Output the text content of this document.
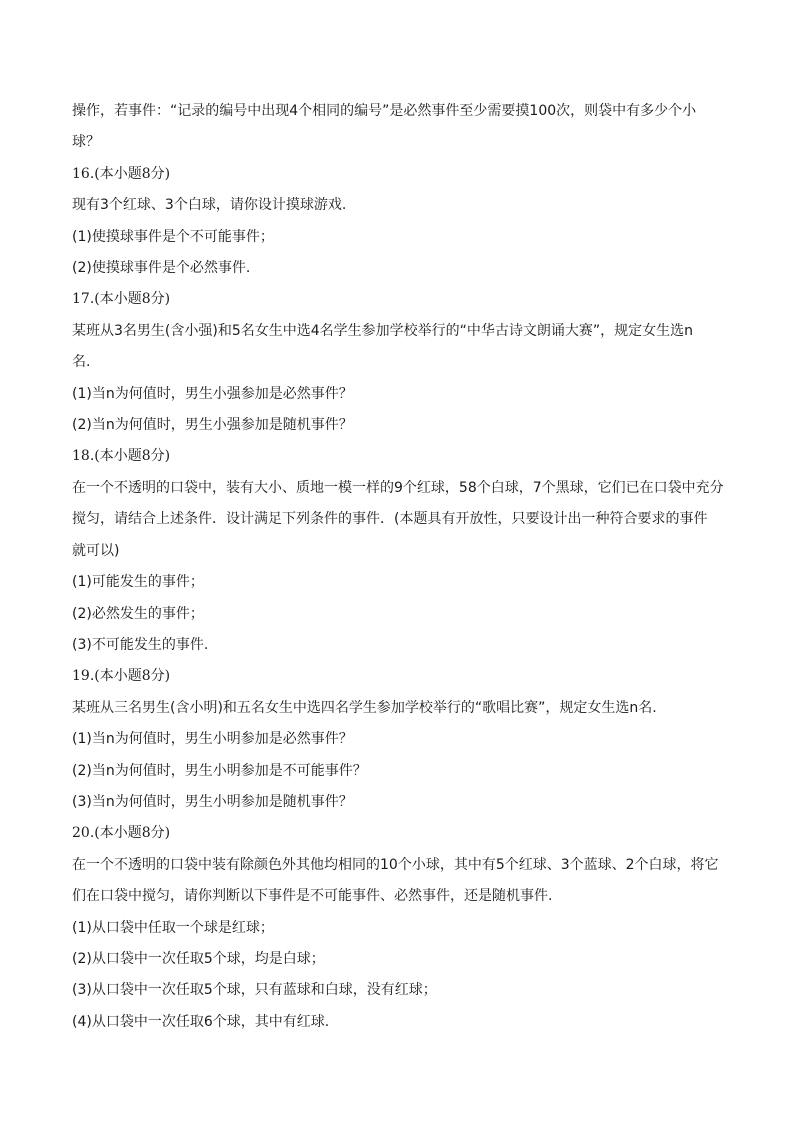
操作，若事件：“记录的编号中出现4个相同的编号”是必然事件至少需要摸100次，则袋中有多少个小

球？

16.(本小题8分)

现有3个红球、3个白球，请你设计摸球游戏.

(1)使摸球事件是个不可能事件；

(2)使摸球事件是个必然事件.

17.(本小题8分)

某班从3名男生(含小强)和5名女生中选4名学生参加学校举行的“中华古诗文朗诵大赛”，规定女生选n

名.

(1)当n为何值时，男生小强参加是必然事件？

(2)当n为何值时，男生小强参加是随机事件？

18.(本小题8分)

在一个不透明的口袋中，装有大小、质地一模一样的9个红球，58个白球，7个黑球，它们已在口袋中充分

搅匀，请结合上述条件．设计满足下列条件的事件．(本题具有开放性，只要设计出一种符合要求的事件

就可以)

(1)可能发生的事件；

(2)必然发生的事件；

(3)不可能发生的事件.

19.(本小题8分)

某班从三名男生(含小明)和五名女生中选四名学生参加学校举行的“歌唱比赛”，规定女生选n名.

(1)当n为何值时，男生小明参加是必然事件？

(2)当n为何值时，男生小明参加是不可能事件？

(3)当n为何值时，男生小明参加是随机事件？

20.(本小题8分)

在一个不透明的口袋中装有除颜色外其他均相同的10个小球，其中有5个红球、3个蓝球、2个白球，将它

们在口袋中搅匀，请你判断以下事件是不可能事件、必然事件，还是随机事件.

(1)从口袋中任取一个球是红球；

(2)从口袋中一次任取5个球，均是白球；

(3)从口袋中一次任取5个球，只有蓝球和白球，没有红球；

(4)从口袋中一次任取6个球，其中有红球.
